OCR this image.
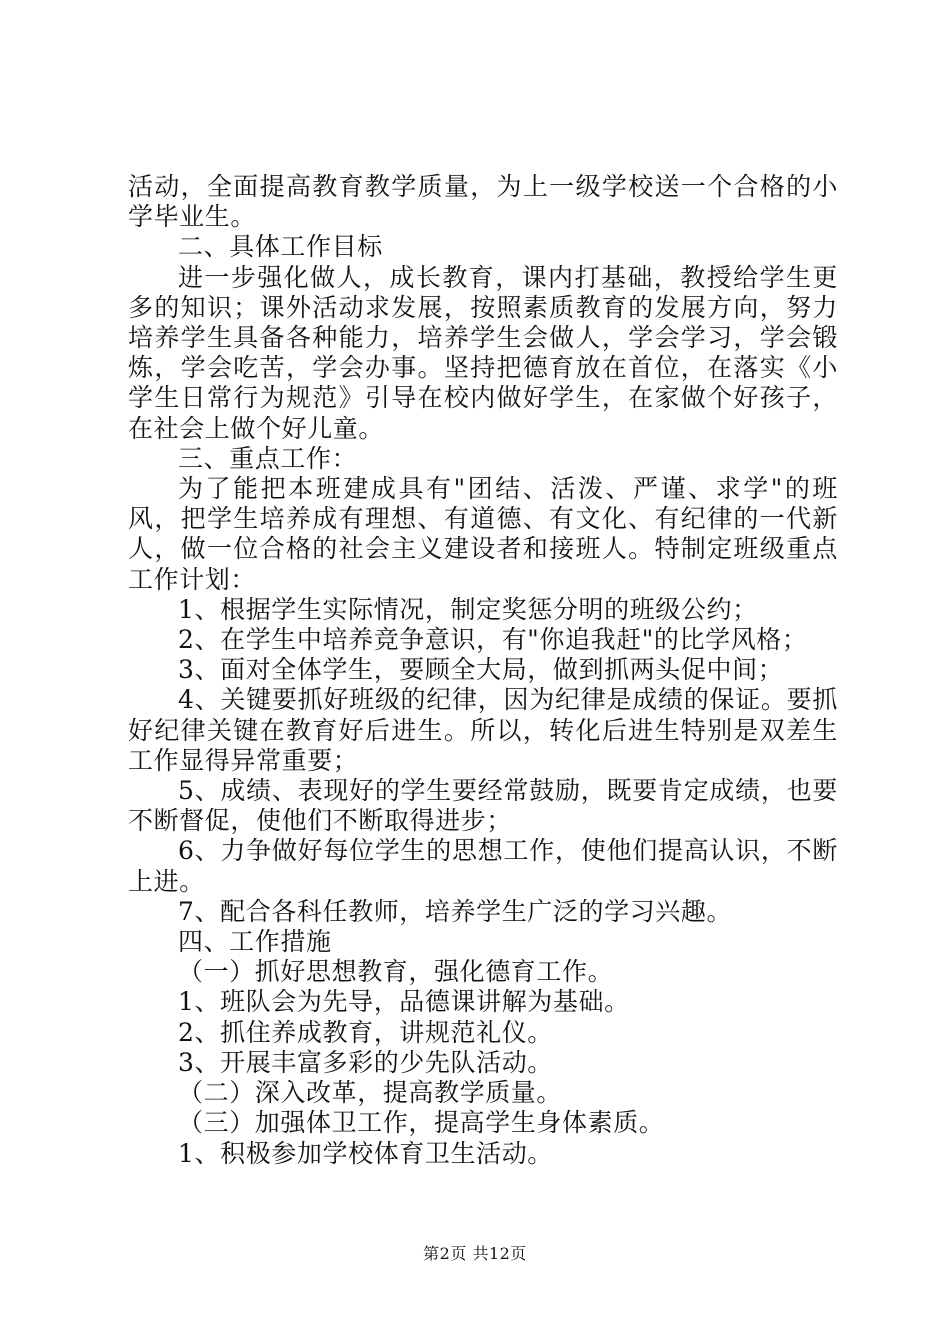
活动，全面提高教育教学质量，为上一级学校送一个合格的小学毕业生。

二、具体工作目标

进一步强化做人，成长教育，课内打基础，教授给学生更多的知识；课外活动求发展，按照素质教育的发展方向，努力培养学生具备各种能力，培养学生会做人，学会学习，学会锻炼，学会吃苦，学会办事。坚持把德育放在首位，在落实《小学生日常行为规范》引导在校内做好学生，在家做个好孩子，在社会上做个好儿童。

三、重点工作：

为了能把本班建成具有"团结、活泼、严谨、求学"的班风，把学生培养成有理想、有道德、有文化、有纪律的一代新人，做一位合格的社会主义建设者和接班人。特制定班级重点工作计划：

1、根据学生实际情况，制定奖惩分明的班级公约；

2、在学生中培养竞争意识，有"你追我赶"的比学风格；

3、面对全体学生，要顾全大局，做到抓两头促中间；

4、关键要抓好班级的纪律，因为纪律是成绩的保证。要抓好纪律关键在教育好后进生。所以，转化后进生特别是双差生工作显得异常重要；

5、成绩、表现好的学生要经常鼓励，既要肯定成绩，也要不断督促，使他们不断取得进步；

6、力争做好每位学生的思想工作，使他们提高认识，不断上进。

7、配合各科任教师，培养学生广泛的学习兴趣。

四、工作措施

（一）抓好思想教育，强化德育工作。

1、班队会为先导，品德课讲解为基础。

2、抓住养成教育，讲规范礼仪。

3、开展丰富多彩的少先队活动。

（二）深入改革，提高教学质量。

（三）加强体卫工作，提高学生身体素质。

1、积极参加学校体育卫生活动。

第2页 共12页
